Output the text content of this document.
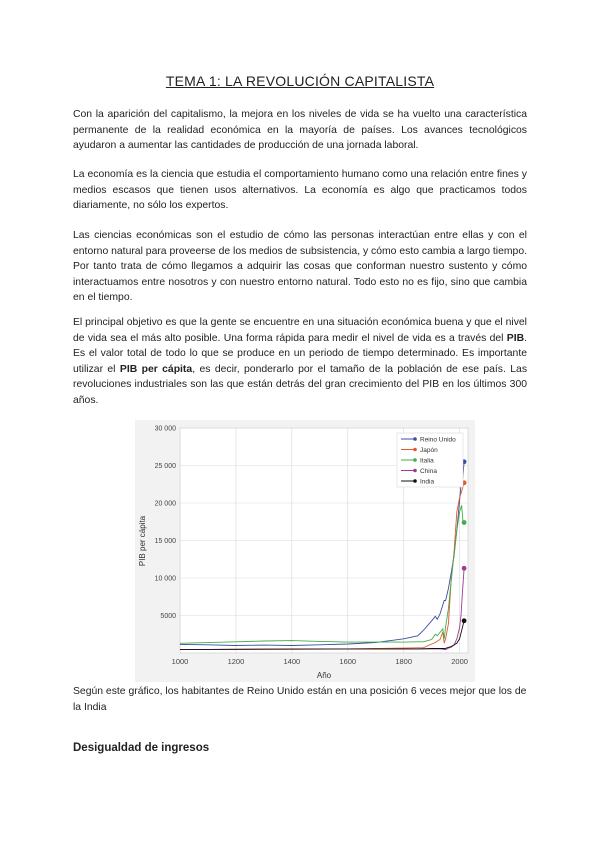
TEMA 1: LA REVOLUCIÓN CAPITALISTA

Con la aparición del capitalismo, la mejora en los niveles de vida se ha vuelto una característica permanente de la realidad económica en la mayoría de países. Los avances tecnológicos ayudaron a aumentar las cantidades de producción de una jornada laboral.

La economía es la ciencia que estudia el comportamiento humano como una relación entre fines y medios escasos que tienen usos alternativos. La economía es algo que practicamos todos diariamente, no sólo los expertos.

Las ciencias económicas son el estudio de cómo las personas interactúan entre ellas y con el entorno natural para proveerse de los medios de subsistencia, y cómo esto cambia a largo tiempo. Por tanto trata de cómo llegamos a adquirir las cosas que conforman nuestro sustento y cómo interactuamos entre nosotros y con nuestro entorno natural. Todo esto no es fijo, sino que cambia en el tiempo.

El principal objetivo es que la gente se encuentre en una situación económica buena y que el nivel de vida sea el más alto posible. Una forma rápida para medir el nivel de vida es a través del PIB. Es el valor total de todo lo que se produce en un periodo de tiempo determinado. Es importante utilizar el PIB per cápita, es decir, ponderarlo por el tamaño de la población de ese país. Las revoluciones industriales son las que están detrás del gran crecimiento del PIB en los últimos 300 años.

1000	1200	1400	1600	1800	2000
5000
10 000
15 000
20 000
25 000
30 000
Año
PIB per cápita
Reino Unido
Japón
Italia
China
India

Según este gráfico, los habitantes de Reino Unido están en una posición 6 veces mejor que los de la India

Desigualdad de ingresos
